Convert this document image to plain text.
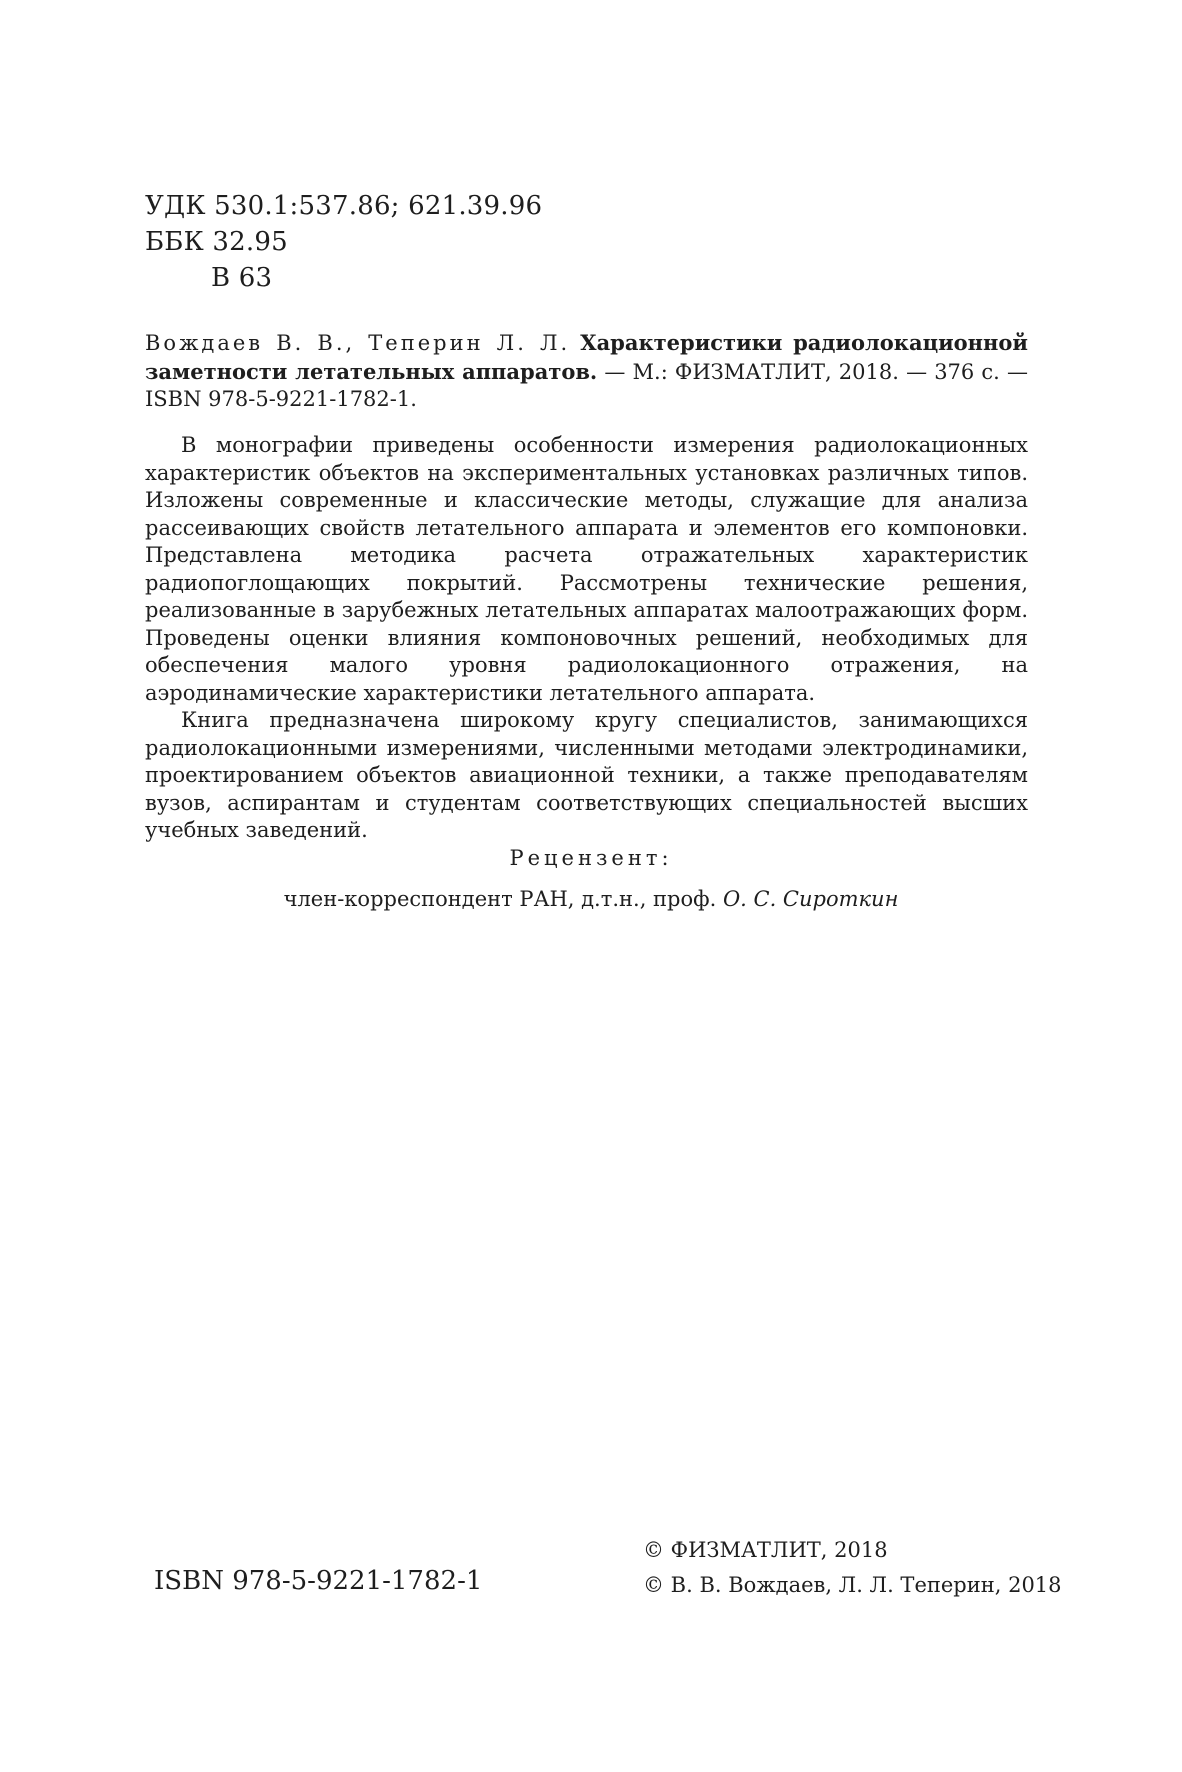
УДК 530.1:537.86; 621.39.96
ББК 32.95
В 63
Вождаев В. В., Теперин Л. Л. Характеристики радиолокационной заметности летательных аппаратов. — М.: ФИЗМАТЛИТ, 2018. — 376 с. — ISBN 978-5-9221-1782-1.

В монографии приведены особенности измерения радиолокационных характеристик объектов на экспериментальных установках различных типов. Изложены современные и классические методы, служащие для анализа рассеивающих свойств летательного аппарата и элементов его компоновки. Представлена методика расчета отражательных характеристик радиопоглощающих покрытий. Рассмотрены технические решения, реализованные в зарубежных летательных аппаратах малоотражающих форм. Проведены оценки влияния компоновочных решений, необходимых для обеспечения малого уровня радиолокационного отражения, на аэродинамические характеристики летательного аппарата.

Книга предназначена широкому кругу специалистов, занимающихся радиолокационными измерениями, численными методами электродинамики, проектированием объектов авиационной техники, а также преподавателям вузов, аспирантам и студентам соответствующих специальностей высших учебных заведений.

Рецензент:
член-корреспондент РАН, д.т.н., проф. О. С. Сироткин
© ФИЗМАТЛИТ, 2018
ISBN 978-5-9221-1782-1	© В. В. Вождаев, Л. Л. Теперин, 2018
